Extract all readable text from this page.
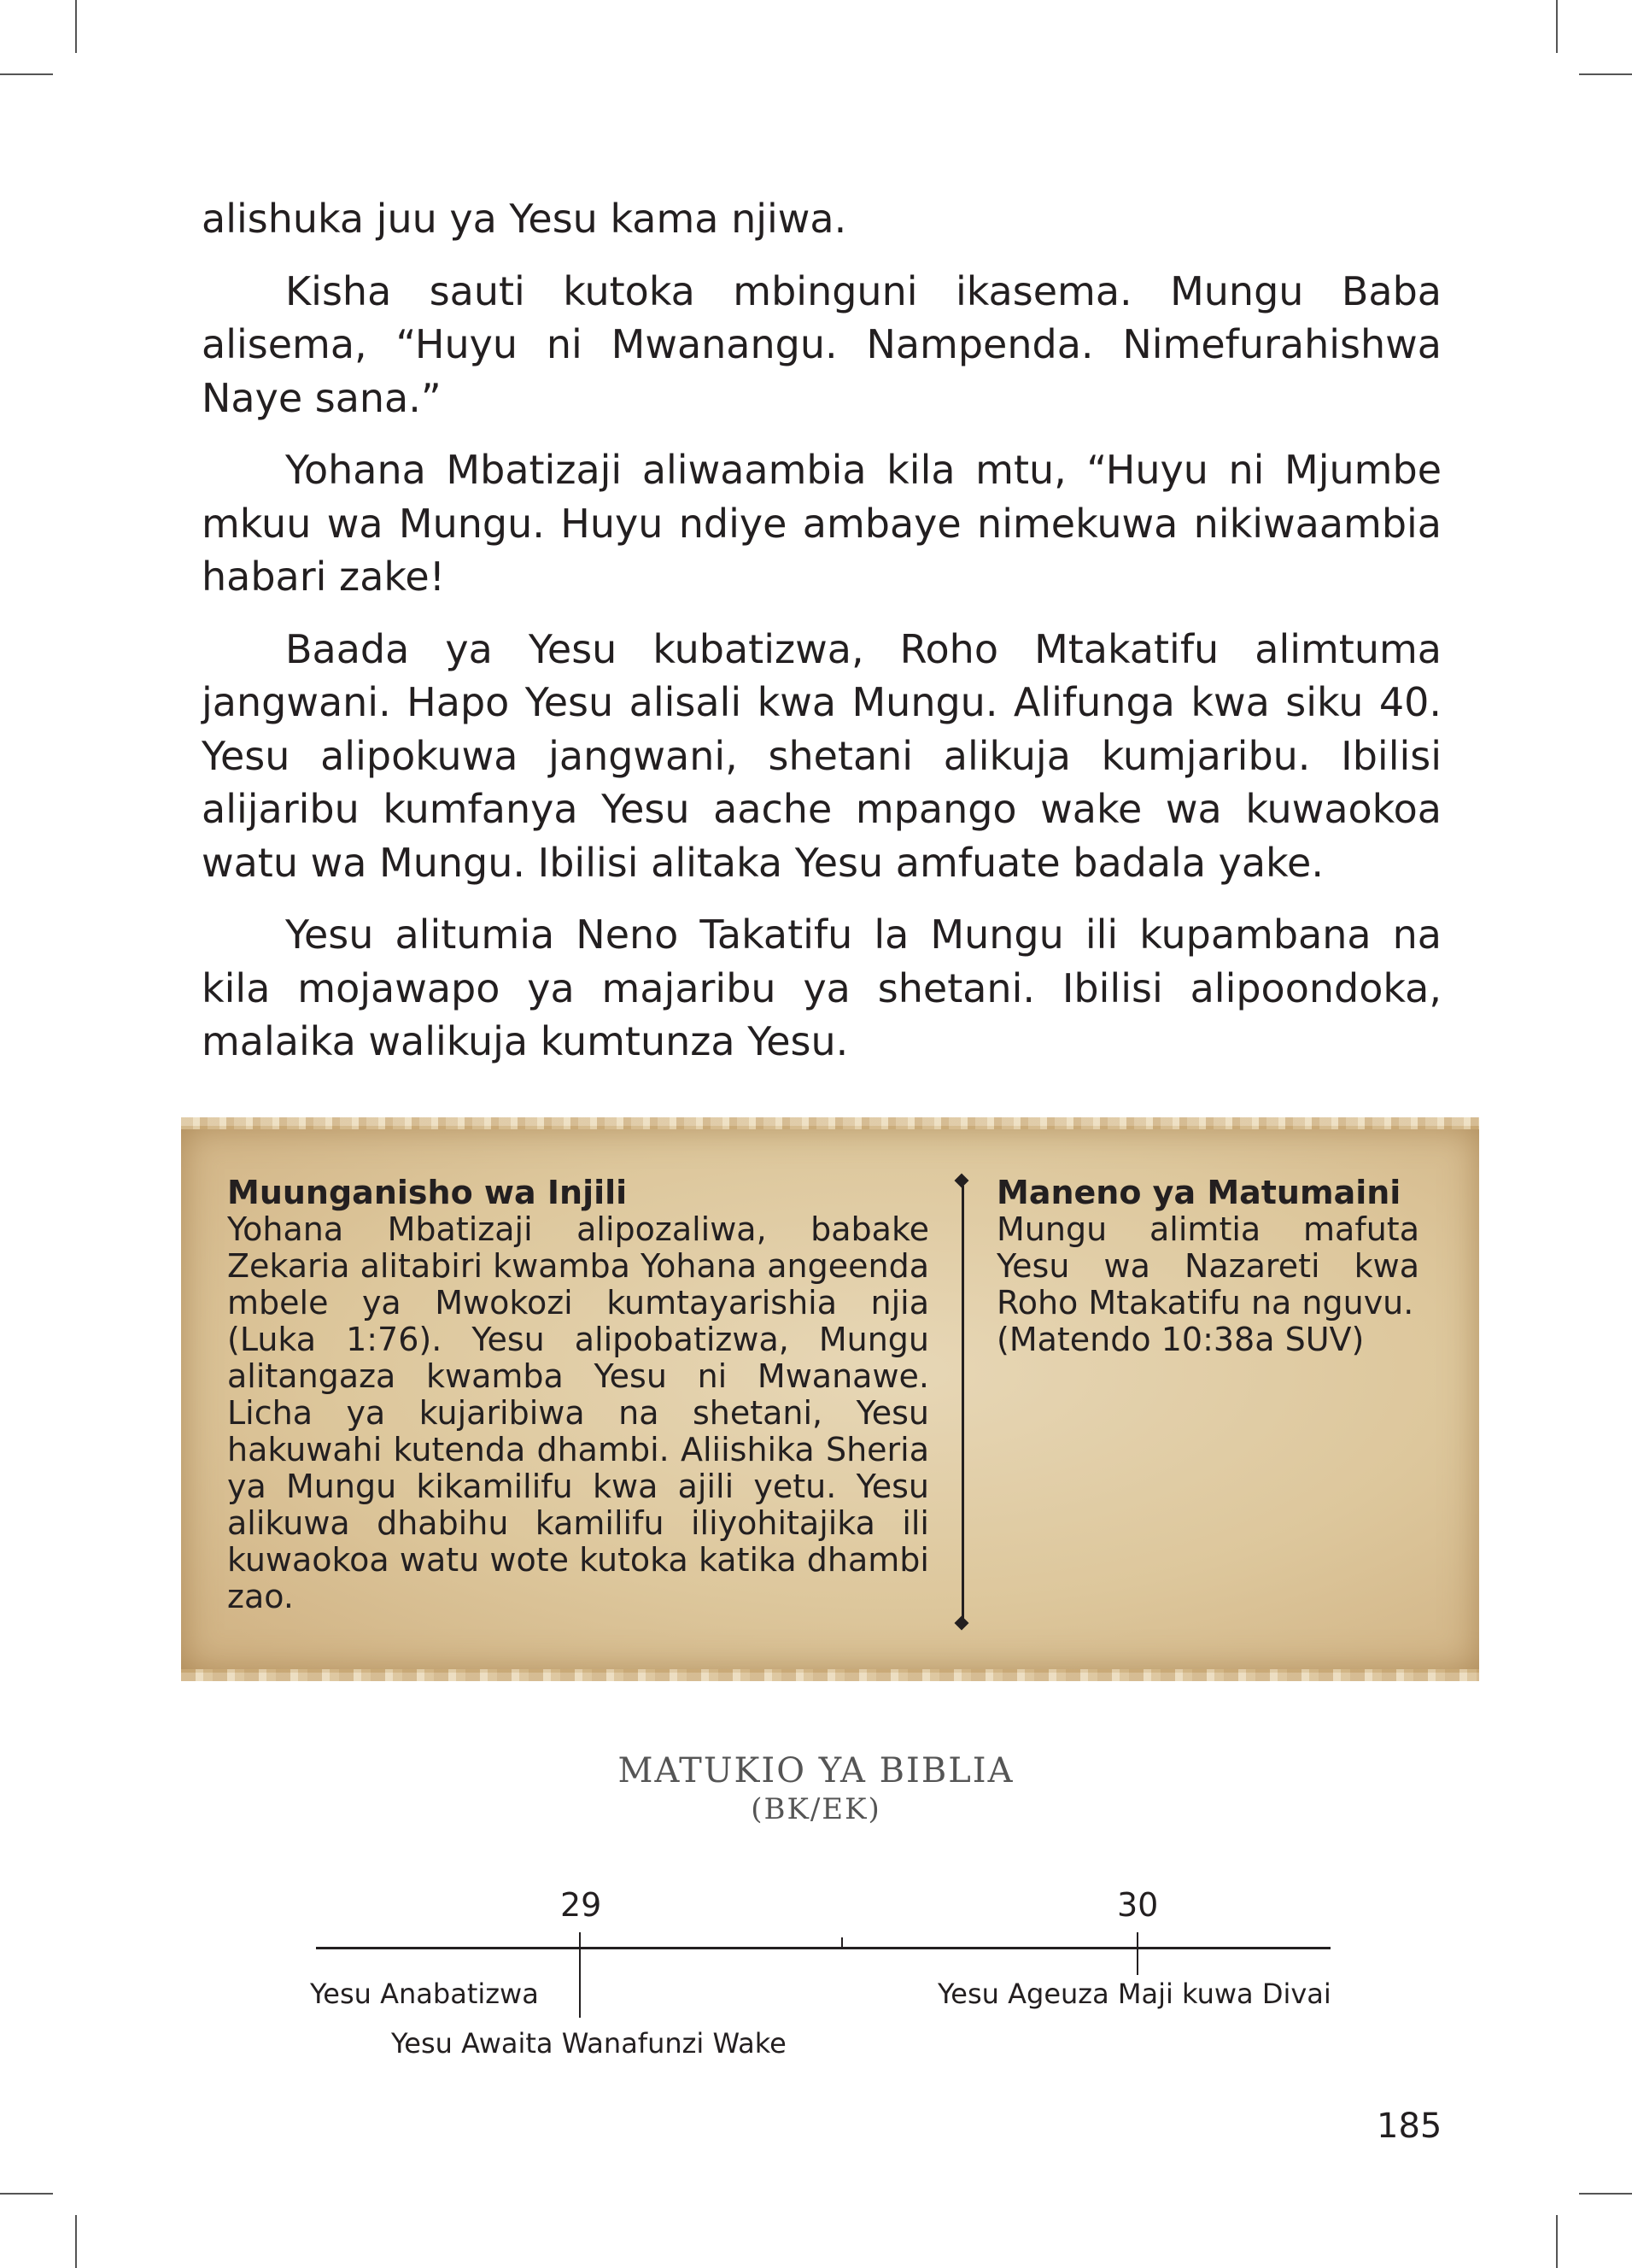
alishuka juu ya Yesu kama njiwa.

Kisha sauti kutoka mbinguni ikasema. Mungu Baba alisema, “Huyu ni Mwanangu. Nampenda. Nimefurahishwa Naye sana.”

Yohana Mbatizaji aliwaambia kila mtu, “Huyu ni Mjumbe mkuu wa Mungu. Huyu ndiye ambaye nimekuwa nikiwaambia habari zake!

Baada ya Yesu kubatizwa, Roho Mtakatifu alimtuma jangwani. Hapo Yesu alisali kwa Mungu. Alifunga kwa siku 40. Yesu alipokuwa jangwani, shetani alikuja kumjaribu. Ibilisi alijaribu kumfanya Yesu aache mpango wake wa kuwaokoa watu wa Mungu. Ibilisi alitaka Yesu amfuate badala yake.

Yesu alitumia Neno Takatifu la Mungu ili kupambana na kila mojawapo ya majaribu ya shetani. Ibilisi alipoondoka, malaika walikuja kumtunza Yesu.

Muunganisho wa Injili

Yohana Mbatizaji alipozaliwa, babake Zekaria alitabiri kwamba Yohana angeenda mbele ya Mwokozi kumtayarishia njia (Luka 1:76). Yesu alipobatizwa, Mungu alitangaza kwamba Yesu ni Mwanawe. Licha ya kujaribiwa na shetani, Yesu hakuwahi kutenda dhambi. Aliishika Sheria ya Mungu kikamilifu kwa ajili yetu. Yesu alikuwa dhabihu kamilifu iliyohitajika ili kuwaokoa watu wote kutoka katika dhambi zao.

Maneno ya Matumaini

Mungu alimtia mafuta Yesu wa Nazareti kwa Roho Mtakatifu na nguvu.

(Matendo 10:38a SUV)

MATUKIO YA BIBLIA
(BK/EK)
29	30
Yesu Anabatizwa
Yesu Awaita Wanafunzi Wake
Yesu Ageuza Maji kuwa Divai
185
